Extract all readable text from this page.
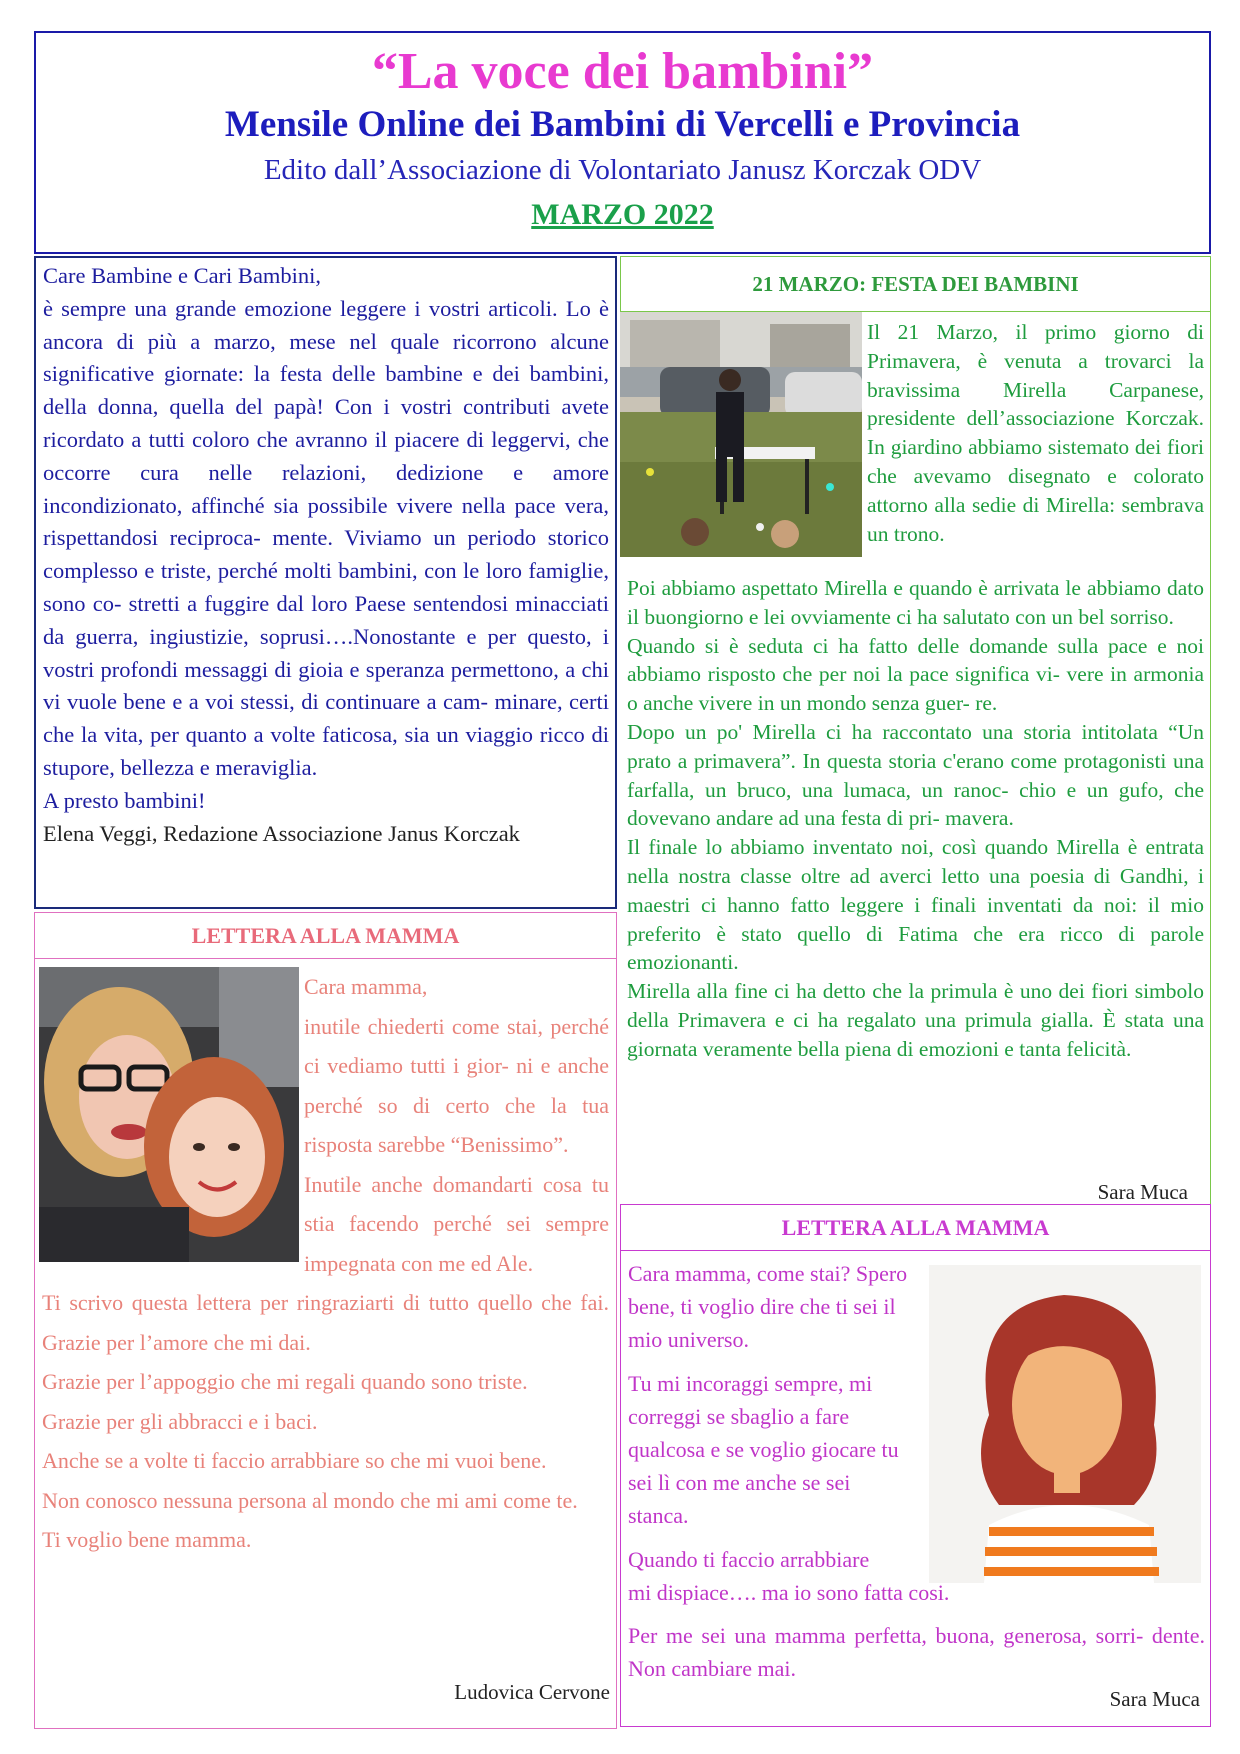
“La voce dei bambini”
Mensile Online dei Bambini di Vercelli e Provincia
Edito dall’Associazione di Volontariato Janusz Korczak ODV
MARZO 2022

Care Bambine e Cari Bambini,

è sempre una grande emozione leggere i vostri articoli. Lo è ancora di più a marzo, mese nel quale ricorrono alcune significative giornate: la festa delle bambine e dei bambini, della donna, quella del papà! Con i vostri contributi avete ricordato a tutti coloro che avranno il piacere di leggervi, che occorre cura nelle relazioni, dedizione e amore incondizionato, affinché sia possibile vivere nella pace vera, rispettandosi reciproca- mente. Viviamo un periodo storico complesso e triste, perché molti bambini, con le loro famiglie, sono co- stretti a fuggire dal loro Paese sentendosi minacciati da guerra, ingiustizie, soprusi….Nonostante e per questo, i vostri profondi messaggi di gioia e speranza permettono, a chi vi vuole bene e a voi stessi, di continuare a cam- minare, certi che la vita, per quanto a volte faticosa, sia un viaggio ricco di stupore, bellezza e meraviglia.

A presto bambini!

Elena Veggi, Redazione Associazione Janus Korczak

21 MARZO: FESTA DEI BAMBINI
Il 21 Marzo, il primo giorno di Primavera, è venuta a trovarci la bravissima Mirella Carpanese, presidente dell’associazione Korczak. In giardino abbiamo sistemato dei fiori che avevamo disegnato e colorato attorno alla sedie di Mirella: sembrava un trono.

Poi abbiamo aspettato Mirella e quando è arrivata le abbiamo dato il buongiorno e lei ovviamente ci ha salutato con un bel sorriso.

Quando si è seduta ci ha fatto delle domande sulla pace e noi abbiamo risposto che per noi la pace significa vi- vere in armonia o anche vivere in un mondo senza guer- re.

Dopo un po' Mirella ci ha raccontato una storia intitolata “Un prato a primavera”. In questa storia c'erano come protagonisti una farfalla, un bruco, una lumaca, un ranoc- chio e un gufo, che dovevano andare ad una festa di pri- mavera.

Il finale lo abbiamo inventato noi, così quando Mirella è entrata nella nostra classe oltre ad averci letto una poesia di Gandhi, i maestri ci hanno fatto leggere i finali inventati da noi: il mio preferito è stato quello di Fatima che era ricco di parole emozionanti.

Mirella alla fine ci ha detto che la primula è uno dei fiori simbolo della Primavera e ci ha regalato una primula gialla. È stata una giornata veramente bella piena di emozioni e tanta felicità.

Sara Muca
LETTERA ALLA MAMMA

Cara mamma,

inutile chiederti come stai, perché ci vediamo tutti i gior- ni e anche perché so di certo che la tua risposta sarebbe “Benissimo”.

Inutile anche domandarti cosa tu stia facendo perché sei sempre impegnata con me ed Ale.

Ti scrivo questa lettera per ringraziarti di tutto quello che fai. Grazie per l’amore che mi dai.

Grazie per l’appoggio che mi regali quando sono triste.

Grazie per gli abbracci e i baci.

Anche se a volte ti faccio arrabbiare so che mi vuoi bene.

Non conosco nessuna persona al mondo che mi ami come te.

Ti voglio bene mamma.

Ludovica Cervone
LETTERA ALLA MAMMA

Cara mamma, come stai? Spero bene, ti voglio dire che ti sei il mio universo.

Tu mi incoraggi sempre, mi correggi se sbaglio a fare qualcosa e se voglio giocare tu sei lì con me anche se sei stanca.

Quando ti faccio arrabbiare
mi dispiace…. ma io sono fatta cosi.

Per me sei una mamma perfetta, buona, generosa, sorri- dente. Non cambiare mai.

Sara Muca
